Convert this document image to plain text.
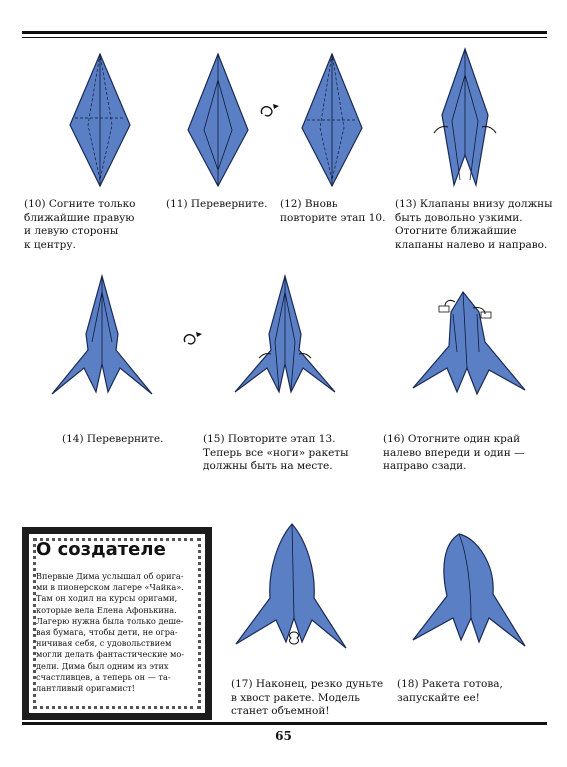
(10) Согните только
ближайшие правую
и левую стороны
к центру.
(11) Переверните.	(12) Вновь
повторите этап 10.
(13) Клапаны внизу должны
быть довольно узкими.
Отогните ближайшие
клапаны налево и направо.
(14) Переверните.	(15) Повторите этап 13.
Теперь все «ноги» ракеты
должны быть на месте.
(16) Отогните один край
налево впереди и один —
направо сзади.
О создателе
Впервые Дима услышал об орига-
ми в пионерском лагере «Чайка».
Там он ходил на курсы оригами,
которые вела Елена Афонькина.
Лагерю нужна была только деше-
вая бумага, чтобы дети, не огра-
ничивая себя, с удовольствием
могли делать фантастические мо-
дели. Дима был одним из этих
счастливцев, а теперь он — та-
лантливый оригамист!	(17) Наконец, резко дуньте
в хвост ракете. Модель
станет объемной!
(18) Ракета готова,
запускайте ее!
65
